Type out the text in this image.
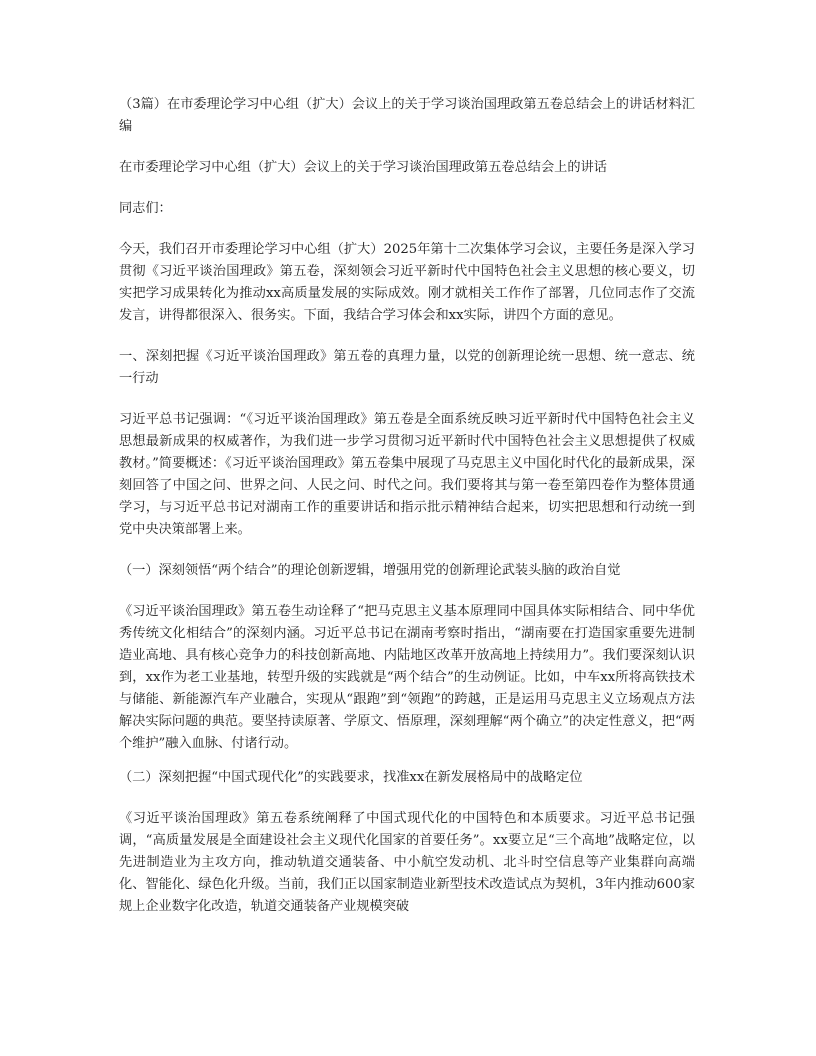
（3篇）在市委理论学习中心组（扩大）会议上的关于学习谈治国理政第五卷总结会上的讲话材料汇编

在市委理论学习中心组（扩大）会议上的关于学习谈治国理政第五卷总结会上的讲话

同志们：

今天，我们召开市委理论学习中心组（扩大）2025年第十二次集体学习会议，主要任务是深入学习贯彻《习近平谈治国理政》第五卷，深刻领会习近平新时代中国特色社会主义思想的核心要义，切实把学习成果转化为推动xx高质量发展的实际成效。刚才就相关工作作了部署，几位同志作了交流发言，讲得都很深入、很务实。下面，我结合学习体会和xx实际，讲四个方面的意见。

一、深刻把握《习近平谈治国理政》第五卷的真理力量，以党的创新理论统一思想、统一意志、统一行动

习近平总书记强调：“《习近平谈治国理政》第五卷是全面系统反映习近平新时代中国特色社会主义思想最新成果的权威著作，为我们进一步学习贯彻习近平新时代中国特色社会主义思想提供了权威教材。”简要概述：《习近平谈治国理政》第五卷集中展现了马克思主义中国化时代化的最新成果，深刻回答了中国之问、世界之问、人民之问、时代之问。我们要将其与第一卷至第四卷作为整体贯通学习，与习近平总书记对湖南工作的重要讲话和指示批示精神结合起来，切实把思想和行动统一到党中央决策部署上来。

（一）深刻领悟“两个结合”的理论创新逻辑，增强用党的创新理论武装头脑的政治自觉

《习近平谈治国理政》第五卷生动诠释了“把马克思主义基本原理同中国具体实际相结合、同中华优秀传统文化相结合”的深刻内涵。习近平总书记在湖南考察时指出，“湖南要在打造国家重要先进制造业高地、具有核心竞争力的科技创新高地、内陆地区改革开放高地上持续用力”。我们要深刻认识到，xx作为老工业基地，转型升级的实践就是“两个结合”的生动例证。比如，中车xx所将高铁技术与储能、新能源汽车产业融合，实现从“跟跑”到“领跑”的跨越，正是运用马克思主义立场观点方法解决实际问题的典范。要坚持读原著、学原文、悟原理，深刻理解“两个确立”的决定性意义，把“两个维护”融入血脉、付诸行动。

（二）深刻把握“中国式现代化”的实践要求，找准xx在新发展格局中的战略定位

《习近平谈治国理政》第五卷系统阐释了中国式现代化的中国特色和本质要求。习近平总书记强调，“高质量发展是全面建设社会主义现代化国家的首要任务”。xx要立足“三个高地”战略定位，以先进制造业为主攻方向，推动轨道交通装备、中小航空发动机、北斗时空信息等产业集群向高端化、智能化、绿色化升级。当前，我们正以国家制造业新型技术改造试点为契机，3年内推动600家规上企业数字化改造，轨道交通装备产业规模突破
